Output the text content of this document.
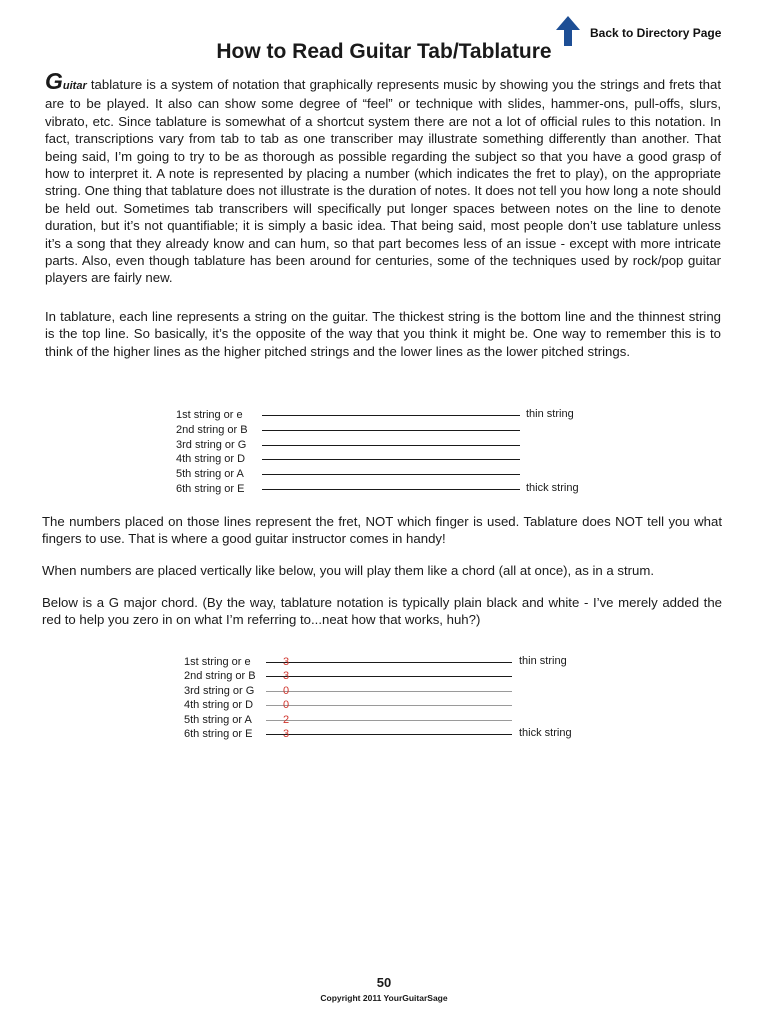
Back to Directory Page
How to Read Guitar Tab/Tablature

Guitar tablature is a system of notation that graphically represents music by showing you the strings and frets that are to be played. It also can show some degree of “feel” or technique with slides, hammer-ons, pull-offs, slurs, vibrato, etc. Since tablature is somewhat of a shortcut system there are not a lot of official rules to this notation. In fact, transcriptions vary from tab to tab as one transcriber may illustrate something differently than another. That being said, I’m going to try to be as thorough as possible regarding the subject so that you have a good grasp of how to interpret it. A note is represented by placing a number (which indicates the fret to play), on the appropriate string. One thing that tablature does not illustrate is the duration of notes. It does not tell you how long a note should be held out. Sometimes tab transcribers will specifically put longer spaces between notes on the line to denote duration, but it’s not quantifiable; it is simply a basic idea. That being said, most people don’t use tablature unless it’s a song that they already know and can hum, so that part becomes less of an issue - except with more intricate parts. Also, even though tablature has been around for centuries, some of the techniques used by rock/pop guitar players are fairly new.

In tablature, each line represents a string on the guitar. The thickest string is the bottom line and the thinnest string is the top line. So basically, it’s the opposite of the way that you think it might be. One way to remember this is to think of the higher lines as the higher pitched strings and the lower lines as the lower pitched strings.

1st string or e
2nd string or B
3rd string or G
4th string or D
5th string or A
6th string or E
thin string
thick string

The numbers placed on those lines represent the fret, NOT which finger is used. Tablature does NOT tell you what fingers to use. That is where a good guitar instructor comes in handy!

When numbers are placed vertically like below, you will play them like a chord (all at once), as in a strum.

Below is a G major chord. (By the way, tablature notation is typically plain black and white - I’ve merely added the red to help you zero in on what I’m referring to...neat how that works, huh?)

1st string or e	3
2nd string or B 3
3rd string or G	0
4th string or D	0
5th string or A	2
6th string or E	3
thin string
thick string
50
Copyright 2011 YourGuitarSage
